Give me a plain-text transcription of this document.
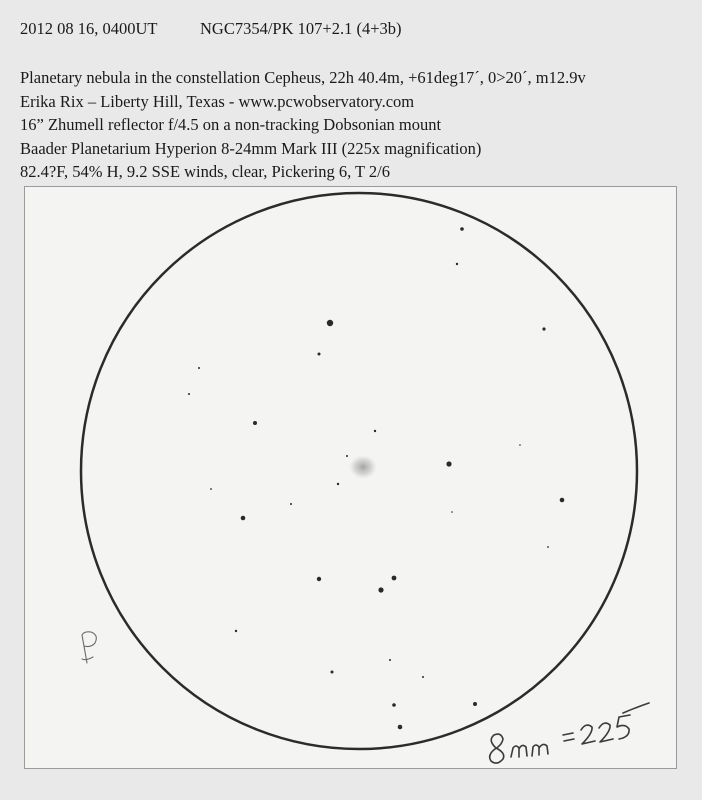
2012 08 16, 0400UT	NGC7354/PK 107+2.1 (4+3b)
Planetary nebula in the constellation Cepheus, 22h 40.4m, +61deg17´, 0>20´, m12.9v
Erika Rix – Liberty Hill, Texas - www.pcwobservatory.com
16” Zhumell reflector f/4.5 on a non-tracking Dobsonian mount
Baader Planetarium Hyperion 8-24mm Mark III (225x magnification)
82.4?F, 54% H, 9.2 SSE winds, clear, Pickering 6, T 2/6
